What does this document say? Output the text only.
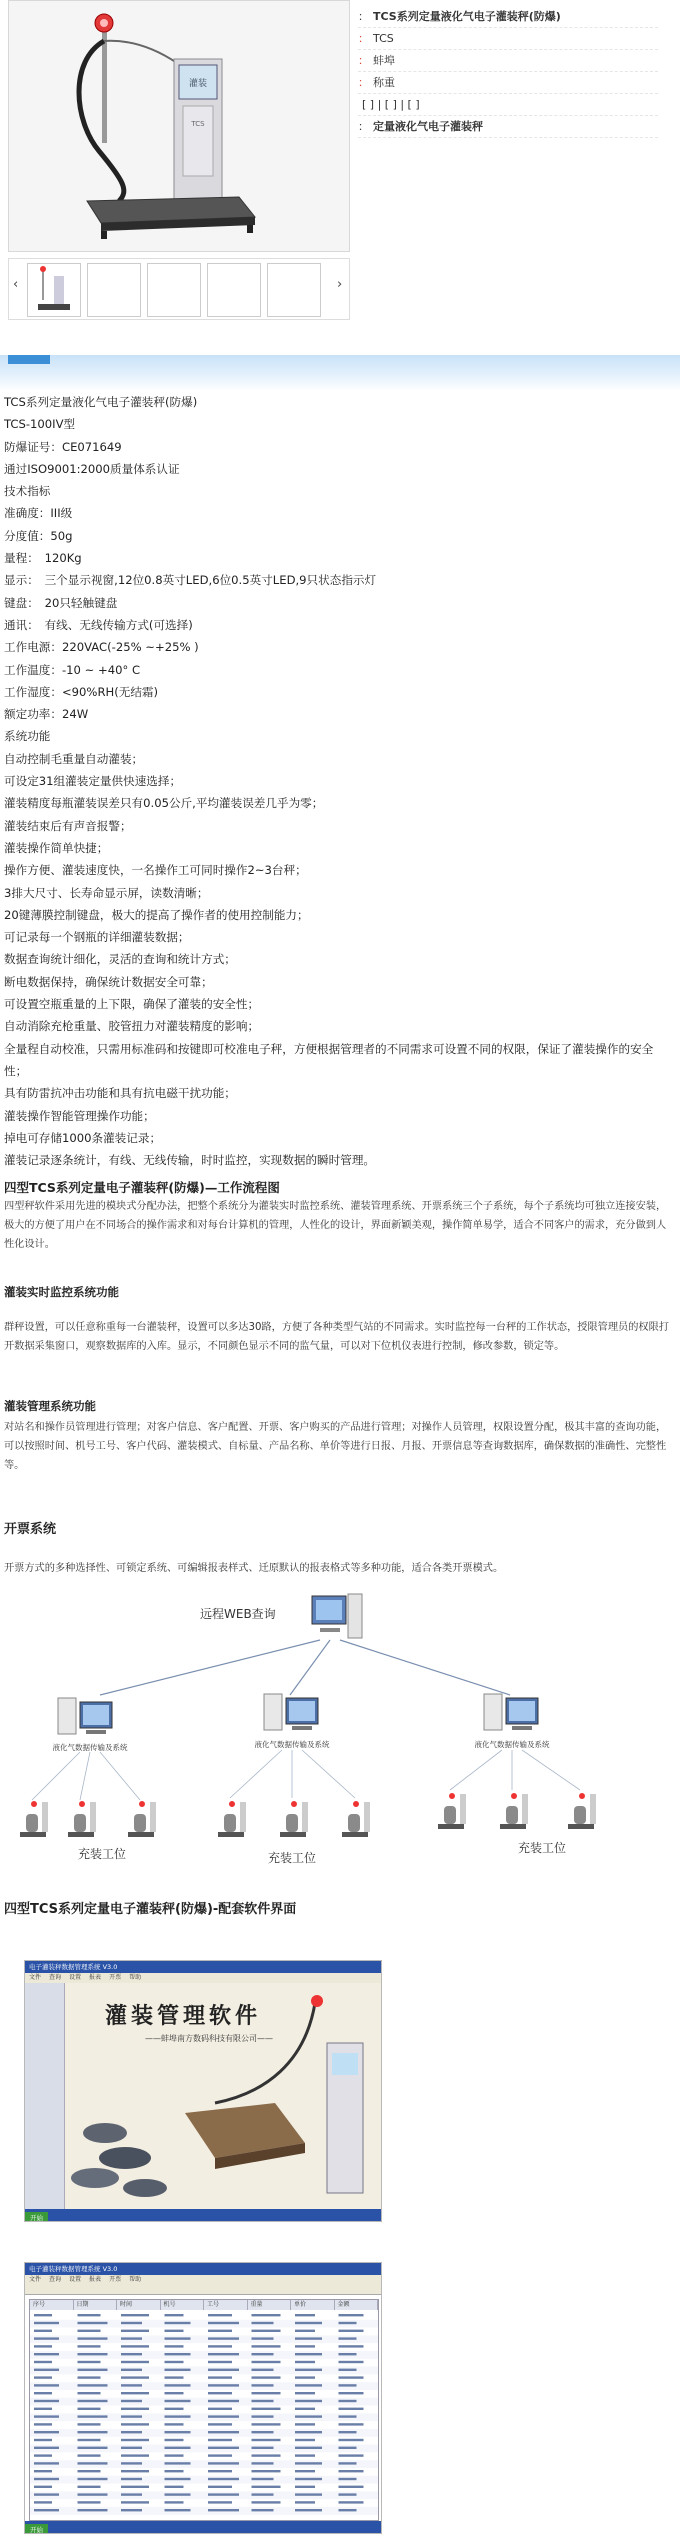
灌装
TCS
‹	›
： TCS系列定量液化气电子灌装秤(防爆)
： TCS
： 蚌埠
： 称重
[ ] | [ ] | [ ]
： 定量液化气电子灌装秤
TCS系列定量液化气电子灌装秤(防爆)
TCS-100IV型
防爆证号：CE071649
通过ISO9001:2000质量体系认证
技术指标
准确度：III级
分度值：50g
量程：　120Kg
显示：　三个显示视窗,12位0.8英寸LED,6位0.5英寸LED,9只状态指示灯
键盘：　20只轻触键盘
通讯：　有线、无线传输方式(可选择)
工作电源：220VAC(-25% ~+25% )
工作温度：-10 ~ +40° C
工作湿度：<90%RH(无结霜)
额定功率：24W
系统功能
自动控制毛重量自动灌装；
可设定31组灌装定量供快速选择；
灌装精度每瓶灌装误差只有0.05公斤,平均灌装误差几乎为零；
灌装结束后有声音报警；
灌装操作简单快捷；
操作方便、灌装速度快，一名操作工可同时操作2~3台秤；
3排大尺寸、长寿命显示屏，读数清晰；
20键薄膜控制键盘，极大的提高了操作者的使用控制能力；
可记录每一个钢瓶的详细灌装数据；
数据查询统计细化，灵活的查询和统计方式；
断电数据保持，确保统计数据安全可靠；
可设置空瓶重量的上下限，确保了灌装的安全性；
自动消除充枪重量、胶管扭力对灌装精度的影响；
全量程自动校准，只需用标准码和按键即可校准电子秤，方便根据管理者的不同需求可设置不同的权限，保证了灌装操作的安全性；
具有防雷抗冲击功能和具有抗电磁干扰功能；
灌装操作智能管理操作功能；
掉电可存储1000条灌装记录；
灌装记录逐条统计，有线、无线传输，时时监控，实现数据的瞬时管理。
四型TCS系列定量电子灌装秤(防爆)—工作流程图
四型秤软件采用先进的模块式分配办法，把整个系统分为灌装实时监控系统、灌装管理系统、开票系统三个子系统，每个子系统均可独立连接安装，极大的方便了用户在不同场合的操作需求和对每台计算机的管理，人性化的设计，界面新颖美观，操作简单易学，适合不同客户的需求，充分做到人性化设计。
灌装实时监控系统功能
群秤设置，可以任意称重每一台灌装秤，设置可以多达30路，方便了各种类型气站的不同需求。实时监控每一台秤的工作状态，授限管理员的权限打开数据采集窗口，观察数据库的入库。显示，不同颜色显示不同的监气量，可以对下位机仪表进行控制，修改参数，锁定等。
灌装管理系统功能
对站名和操作员管理进行管理；对客户信息、客户配置、开票、客户购买的产品进行管理；对操作人员管理，权限设置分配，极其丰富的查询功能，可以按照时间、机号工号、客户代码、灌装模式、自标量、产品名称、单价等进行日报、月报、开票信息等查询数据库，确保数据的准确性、完整性等。
开票系统
开票方式的多种选择性、可锁定系统、可编辑报表样式、迁原默认的报表格式等多种功能，适合各类开票模式。
远程WEB查询
液化气数据传输及系统	液化气数据传输及系统	液化气数据传输及系统
充装工位	充装工位
充装工位
四型TCS系列定量电子灌装秤(防爆)-配套软件界面
电子灌装秤数据管理系统 V3.0
文件 查询 设置 报表 开票 帮助
灌装管理软件
——蚌埠南方数码科技有限公司——
开始
电子灌装秤数据管理系统 V3.0
文件 查询 设置 报表 开票 帮助
序号	日期	时间	机号	工号	重量	单价	金额
开始
